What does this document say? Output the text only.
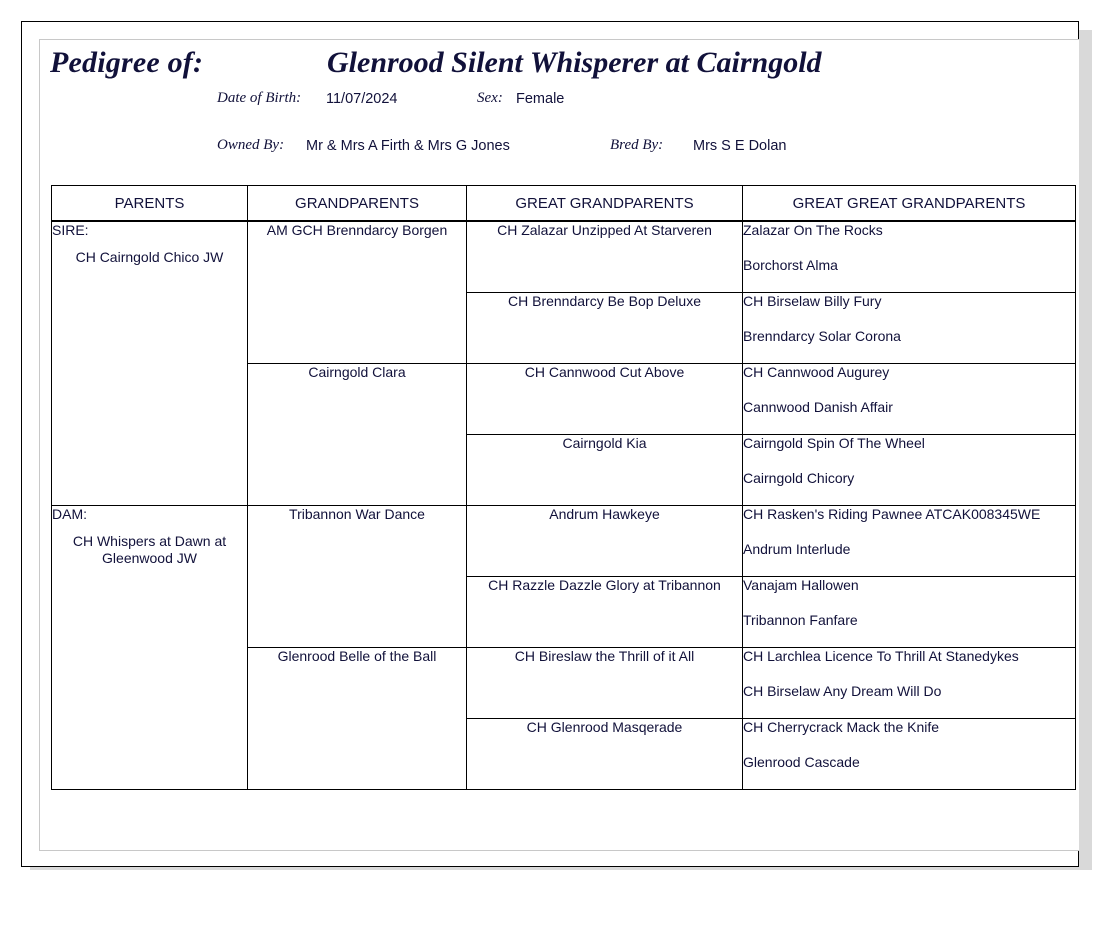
Pedigree of:	Glenrood Silent Whisperer at Cairngold
Date of Birth: 11/07/2024	Sex: Female
Owned By: Mr & Mrs A Firth & Mrs G Jones	Bred By: Mrs S E Dolan
PARENTS	GRANDPARENTS	GREAT GRANDPARENTS	GREAT GREAT GRANDPARENTS

SIRE:
CH Cairngold Chico JW	AM GCH Brenndarcy Borgen	CH Zalazar Unzipped At Starveren	Zalazar On The Rocks
Borchorst Alma

		CH Brenndarcy Be Bop Deluxe	CH Birselaw Billy Fury
Brenndarcy Solar Corona

	Cairngold Clara	CH Cannwood Cut Above	CH Cannwood Augurey
Cannwood Danish Affair

		Cairngold Kia	Cairngold Spin Of The Wheel
Cairngold Chicory

DAM:
CH Whispers at Dawn at Gleenwood JW	Tribannon War Dance	Andrum Hawkeye	CH Rasken's Riding Pawnee ATCAK008345WE
Andrum Interlude

		CH Razzle Dazzle Glory at Tribannon	Vanajam Hallowen
Tribannon Fanfare

	Glenrood Belle of the Ball	CH Bireslaw the Thrill of it All	CH Larchlea Licence To Thrill At Stanedykes
CH Birselaw Any Dream Will Do

		CH Glenrood Masqerade	CH Cherrycrack Mack the Knife
Glenrood Cascade
